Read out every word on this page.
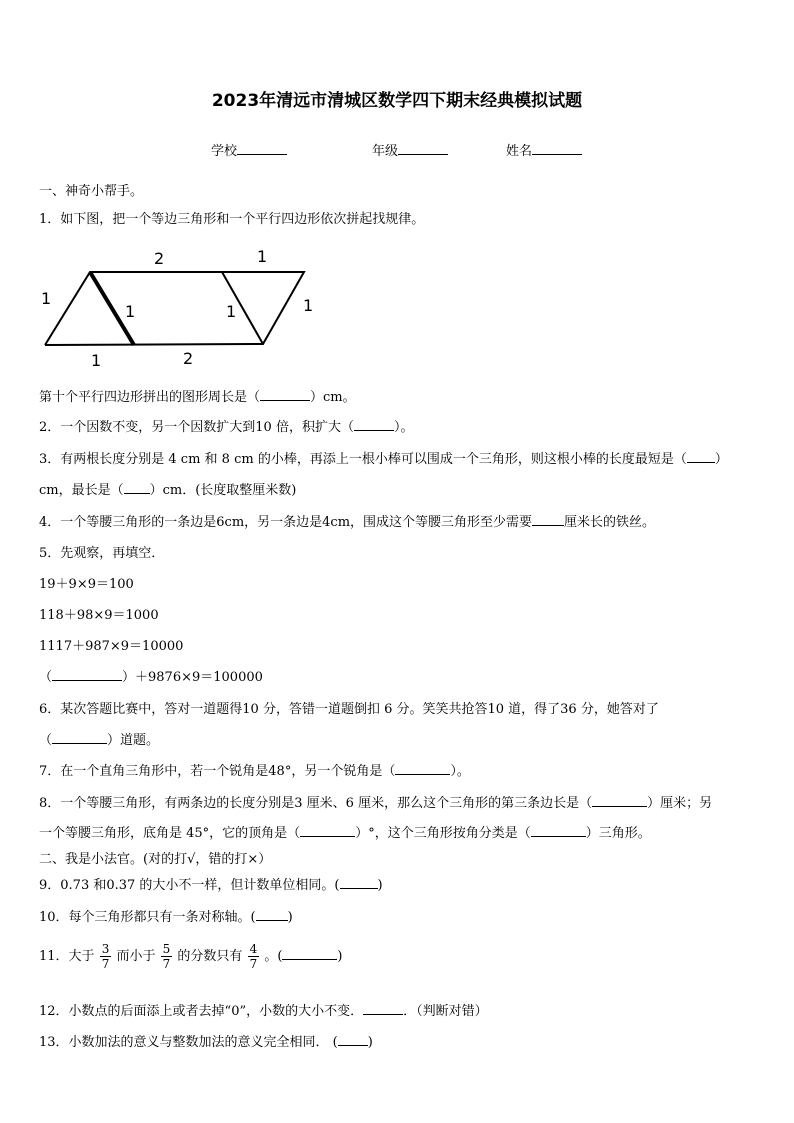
2023年清远市清城区数学四下期末经典模拟试题
学校	年级	姓名
一、神奇小帮手。
1．如下图，把一个等边三角形和一个平行四边形依次拼起找规律。
2	1
1
1	1	1
1	2
第十个平行四边形拼出的图形周长是（	）cm。
2．一个因数不变，另一个因数扩大到10 倍，积扩大（	）。
3．有两根长度分别是 4 cm 和 8 cm 的小棒，再添上一根小棒可以围成一个三角形，则这根小棒的长度最短是（ ）
cm，最长是（ ）cm．(长度取整厘米数)
4．一个等腰三角形的一条边是6cm，另一条边是4cm，围成这个等腰三角形至少需要 厘米长的铁丝。
5．先观察，再填空．
19＋9×9＝100
118＋98×9＝1000
1117＋987×9＝10000
（	）＋9876×9＝100000
6．某次答题比赛中，答对一道题得10 分，答错一道题倒扣 6 分。笑笑共抢答10 道，得了36 分，她答对了
（	）道题。
7．在一个直角三角形中，若一个锐角是48°，另一个锐角是（	）。
8．一个等腰三角形，有两条边的长度分别是3 厘米、6 厘米，那么这个三角形的第三条边长是（	）厘米；另
一个等腰三角形，底角是 45°，它的顶角是（	）°，这个三角形按角分类是（	）三角形。
二、我是小法官。(对的打√，错的打×）
9．0.73 和0.37 的大小不一样，但计数单位相同。(	)
10．每个三角形都只有一条对称轴。( )
11．大于 $\frac{3}{7}$ 而小于 $\frac{5}{7}$ 的分数只有 $\frac{4}{7}$ 。(	)
12．小数点的后面添上或者去掉“0”，小数的大小不变．	．（判断对错）
13．小数加法的意义与整数加法的意义完全相同． ( )
